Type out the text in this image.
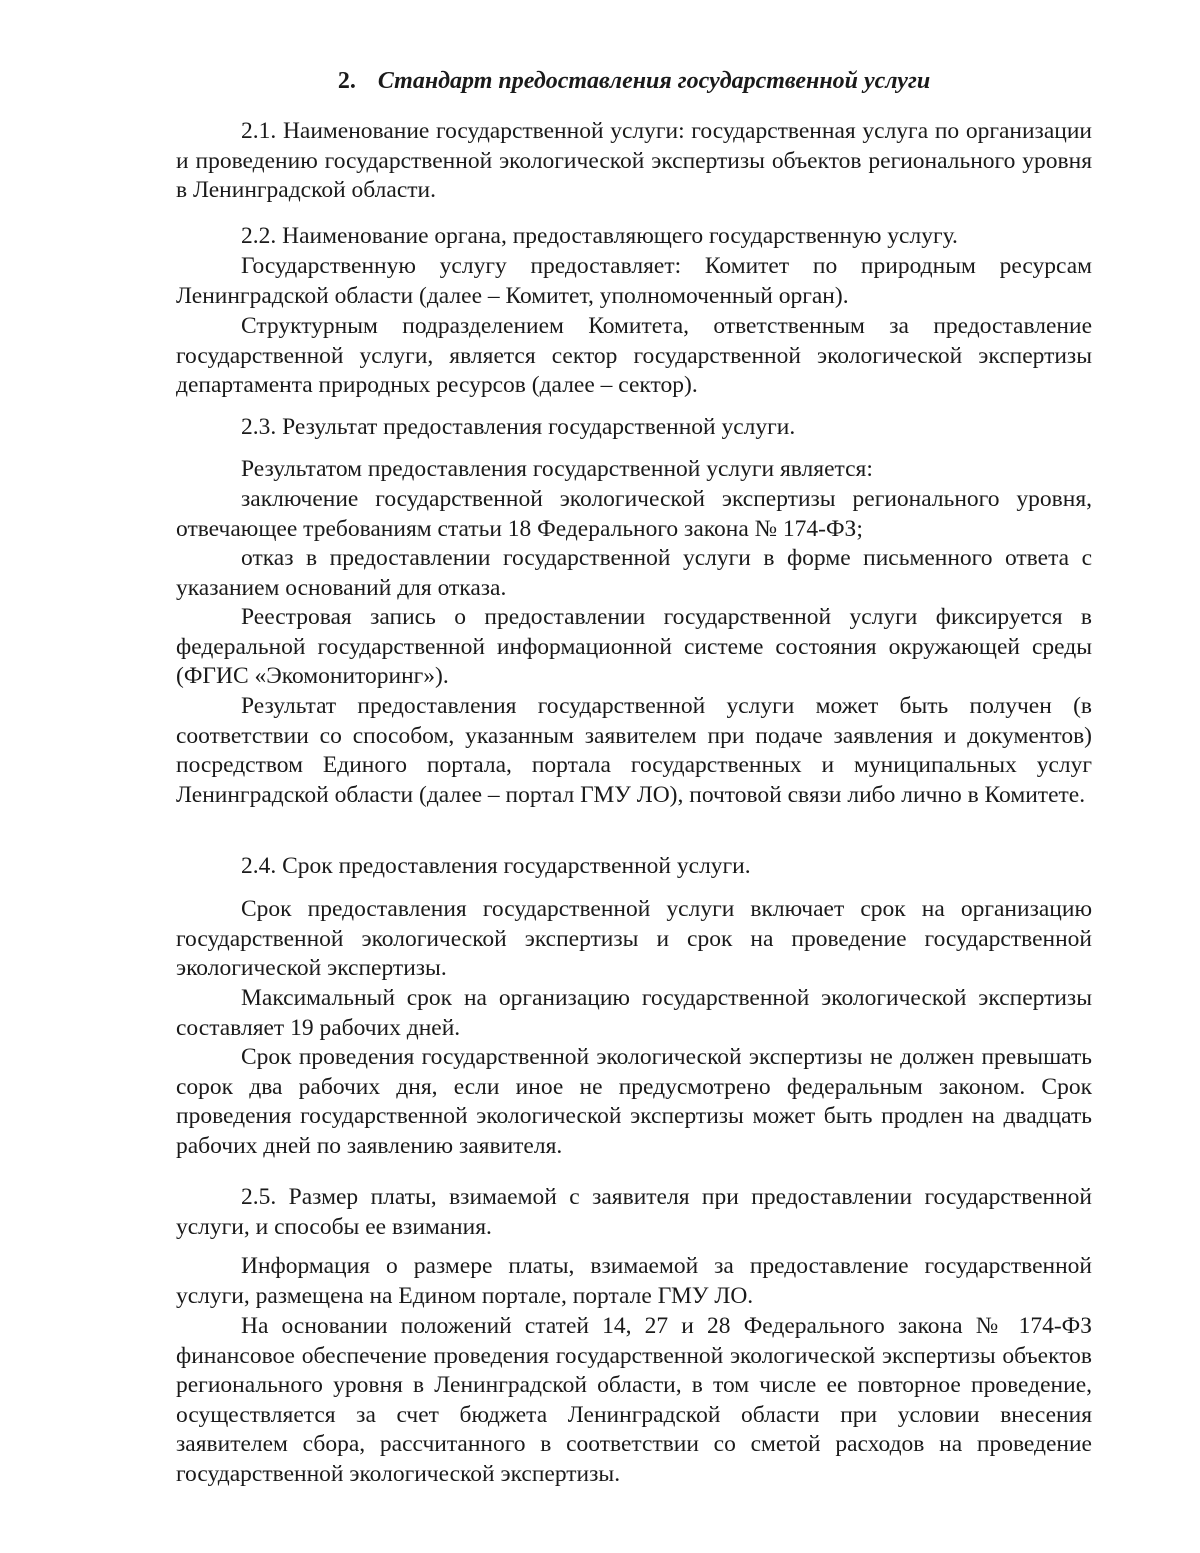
2. Стандарт предоставления государственной услуги

2.1. Наименование государственной услуги: государственная услуга по организации и проведению государственной экологической экспертизы объектов регионального уровня в Ленинградской области.

2.2. Наименование органа, предоставляющего государственную услугу.

Государственную услугу предоставляет: Комитет по природным ресурсам Ленинградской области (далее – Комитет, уполномоченный орган).

Структурным подразделением Комитета, ответственным за предоставление государственной услуги, является сектор государственной экологической экспертизы департамента природных ресурсов (далее – сектор).

2.3. Результат предоставления государственной услуги.

Результатом предоставления государственной услуги является:

заключение государственной экологической экспертизы регионального уровня, отвечающее требованиям статьи 18 Федерального закона № 174-ФЗ;

отказ в предоставлении государственной услуги в форме письменного ответа с указанием оснований для отказа.

Реестровая запись о предоставлении государственной услуги фиксируется в федеральной государственной информационной системе состояния окружающей среды (ФГИС «Экомониторинг»).

Результат предоставления государственной услуги может быть получен (в соответствии со способом, указанным заявителем при подаче заявления и документов) посредством Единого портала, портала государственных и муниципальных услуг Ленинградской области (далее – портал ГМУ ЛО), почтовой связи либо лично в Комитете.

2.4. Срок предоставления государственной услуги.

Срок предоставления государственной услуги включает срок на организацию государственной экологической экспертизы и срок на проведение государственной экологической экспертизы.

Максимальный срок на организацию государственной экологической экспертизы составляет 19 рабочих дней.

Срок проведения государственной экологической экспертизы не должен превышать сорок два рабочих дня, если иное не предусмотрено федеральным законом. Срок проведения государственной экологической экспертизы может быть продлен на двадцать рабочих дней по заявлению заявителя.

2.5. Размер платы, взимаемой с заявителя при предоставлении государственной услуги, и способы ее взимания.

Информация о размере платы, взимаемой за предоставление государственной услуги, размещена на Едином портале, портале ГМУ ЛО.

На основании положений статей 14, 27 и 28 Федерального закона № 174-ФЗ финансовое обеспечение проведения государственной экологической экспертизы объектов регионального уровня в Ленинградской области, в том числе ее повторное проведение, осуществляется за счет бюджета Ленинградской области при условии внесения заявителем сбора, рассчитанного в соответствии со сметой расходов на проведение государственной экологической экспертизы.
